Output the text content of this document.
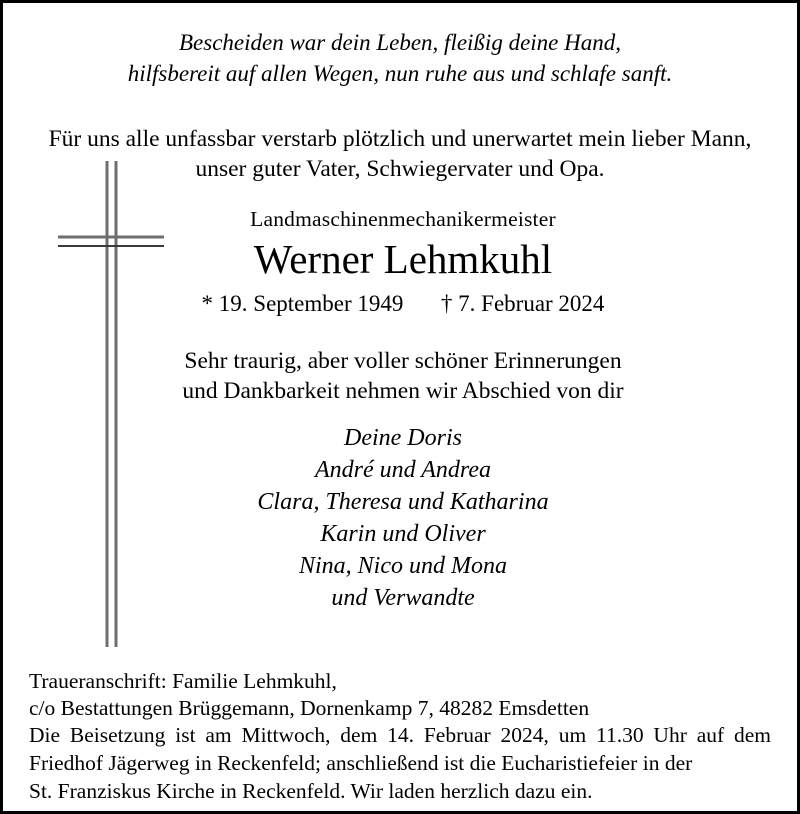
Bescheiden war dein Leben, fleißig deine Hand,
hilfsbereit auf allen Wegen, nun ruhe aus und schlafe sanft.
Für uns alle unfassbar verstarb plötzlich und unerwartet mein lieber Mann,
unser guter Vater, Schwiegervater und Opa.
Landmaschinenmechanikermeister
Werner Lehmkuhl
* 19. September 1949 † 7. Februar 2024
Sehr traurig, aber voller schöner Erinnerungen
und Dankbarkeit nehmen wir Abschied von dir
Deine Doris
André und Andrea
Clara, Theresa und Katharina
Karin und Oliver
Nina, Nico und Mona
und Verwandte
Traueranschrift: Familie Lehmkuhl,
c/o Bestattungen Brüggemann, Dornenkamp 7, 48282 Emsdetten
Die Beisetzung ist am Mittwoch, dem 14. Februar 2024, um 11.30 Uhr auf dem Friedhof Jägerweg in Reckenfeld; anschließend ist die Eucharistiefeier in der
St. Franziskus Kirche in Reckenfeld. Wir laden herzlich dazu ein.
